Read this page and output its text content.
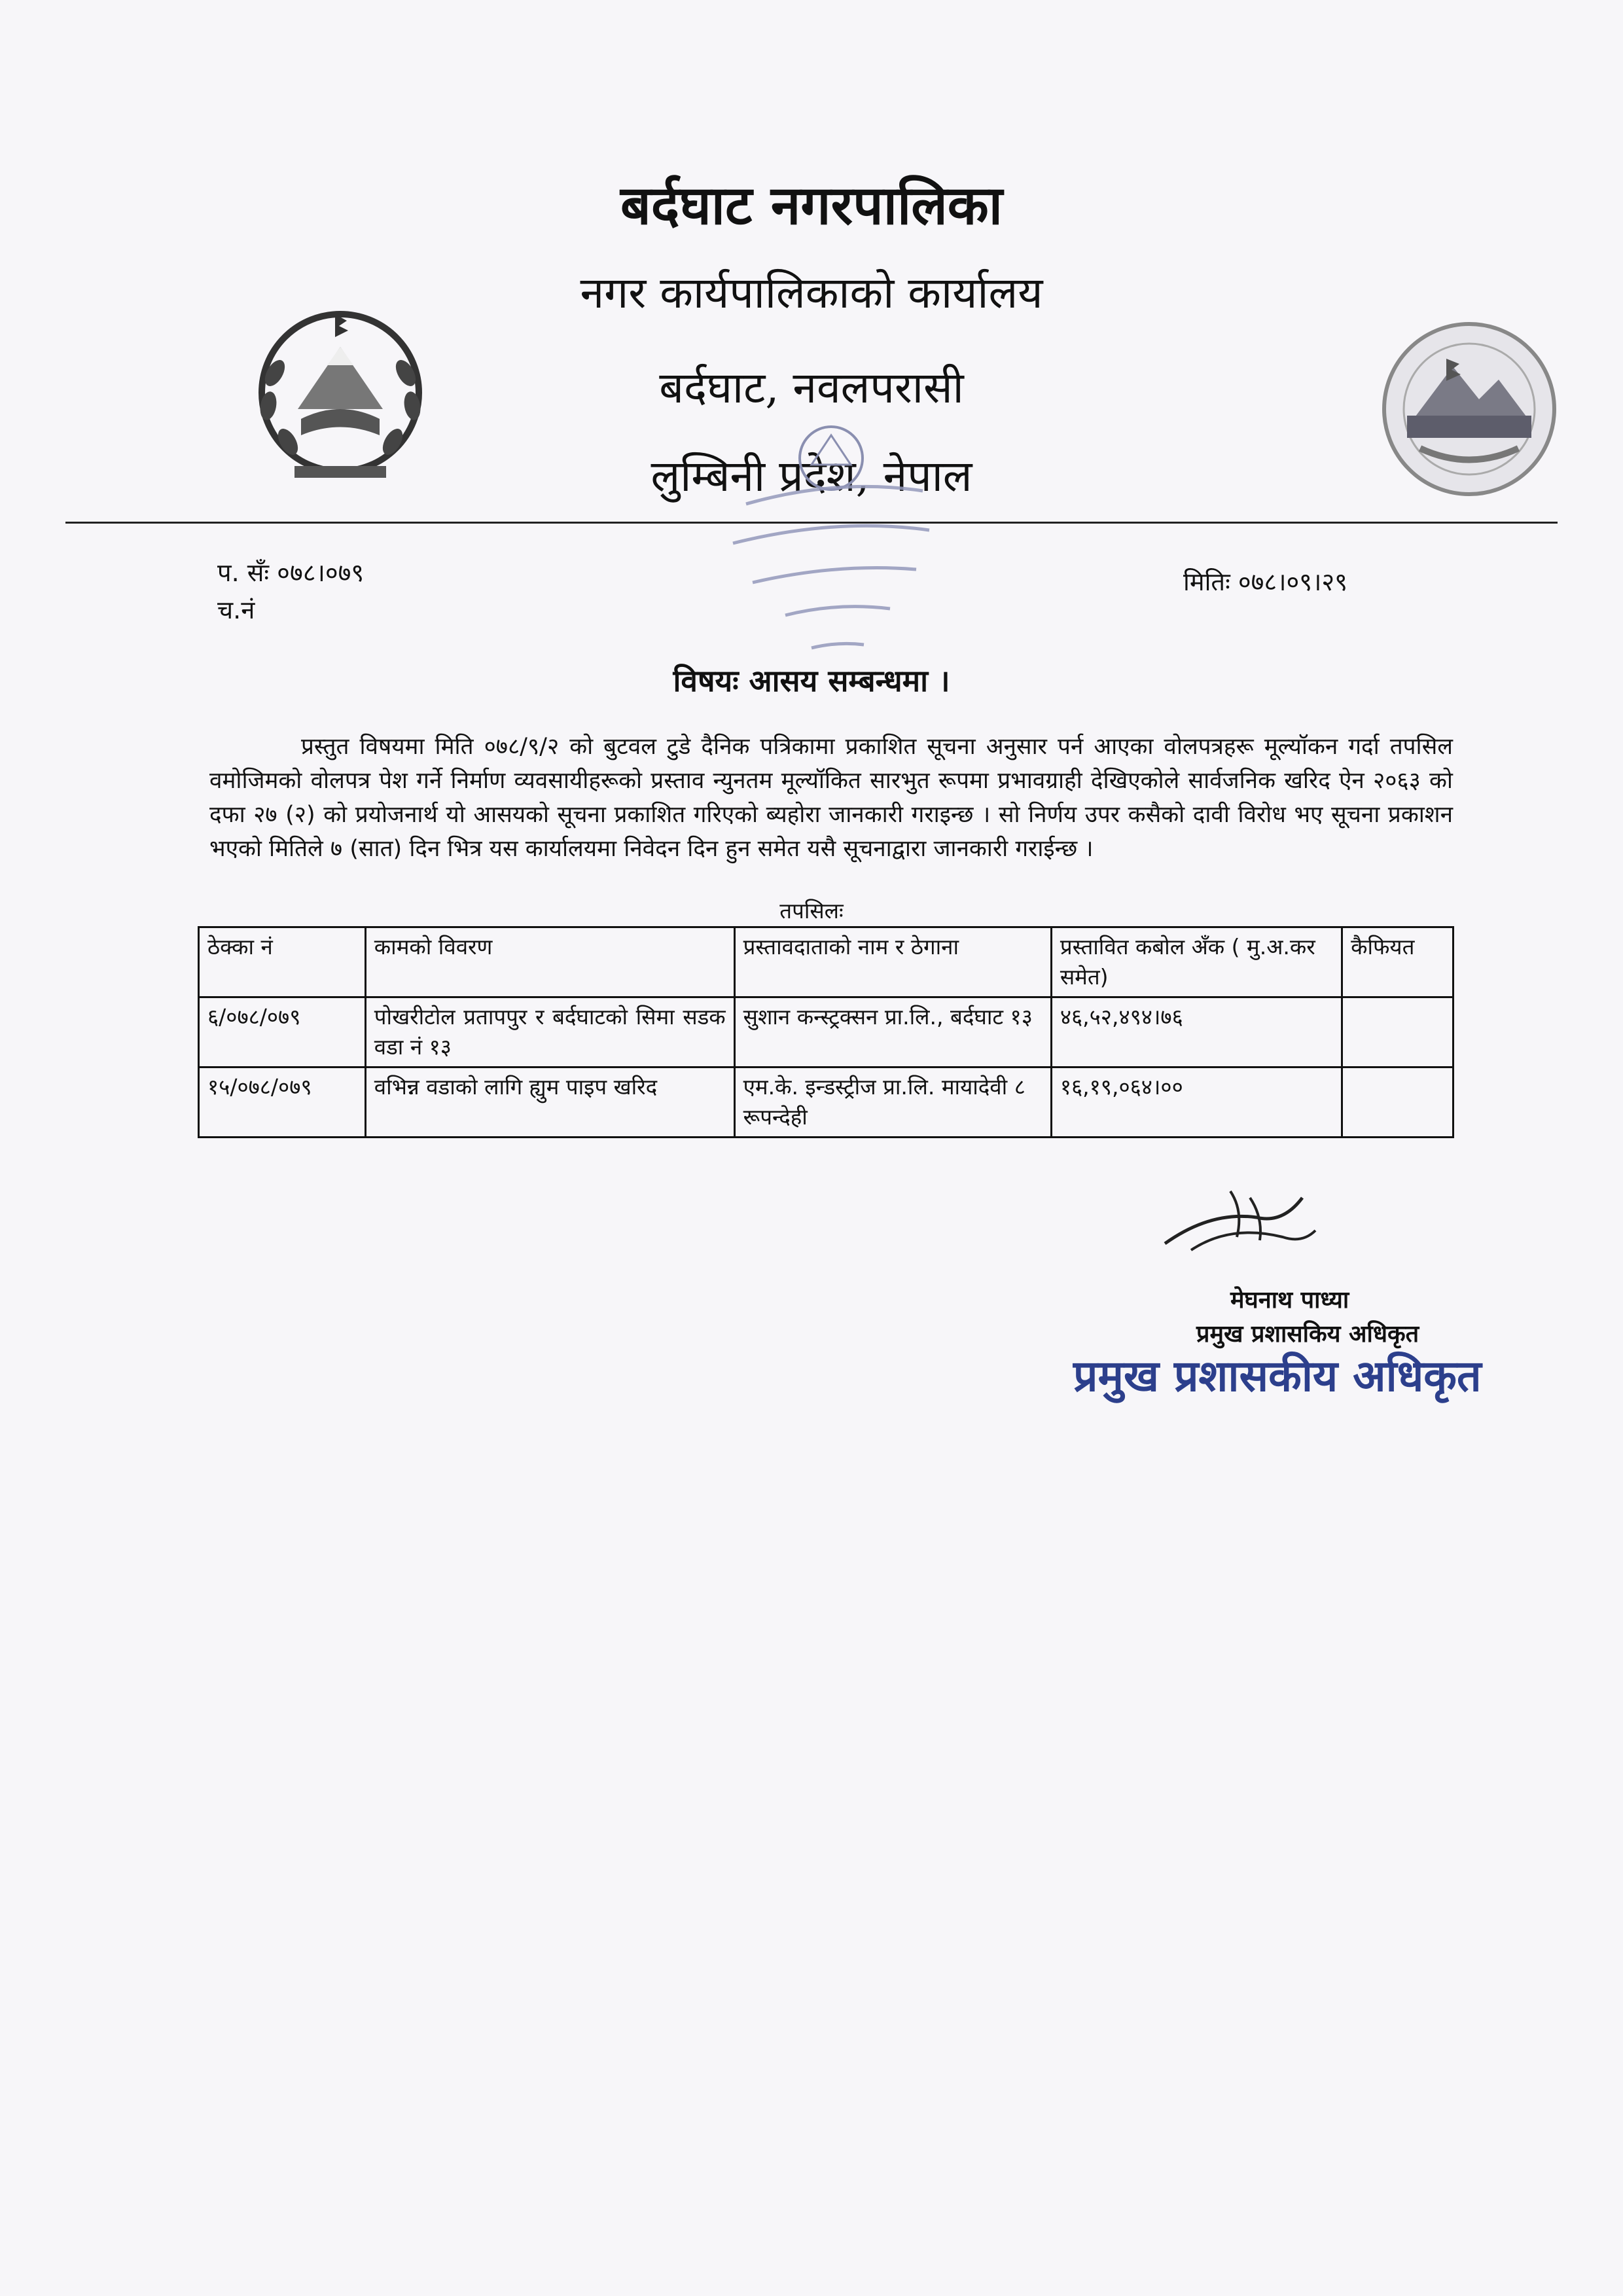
बर्दघाट नगरपालिका
नगर कार्यपालिकाको कार्यालय
बर्दघाट, नवलपरासी
लुम्बिनी प्रदेश, नेपाल
प. सँः ०७८।०७९
च.नं
मितिः ०७८।०९।२९
विषयः आसय सम्बन्धमा ।
प्रस्तुत विषयमा मिति ०७८/९/२ को बुटवल टुडे दैनिक पत्रिकामा प्रकाशित सूचना अनुसार पर्न आएका वोलपत्रहरू मूल्यॉकन गर्दा तपसिल वमोजिमको वोलपत्र पेश गर्ने निर्माण व्यवसायीहरूको प्रस्ताव न्युनतम मूल्यॉकित सारभुत रूपमा प्रभावग्राही देखिएकोले सार्वजनिक खरिद ऐन २०६३ को दफा २७ (२) को प्रयोजनार्थ यो आसयको सूचना प्रकाशित गरिएको ब्यहोरा जानकारी गराइन्छ । सो निर्णय उपर कसैको दावी विरोध भए सूचना प्रकाशन भएको मितिले ७ (सात) दिन भित्र यस कार्यालयमा निवेदन दिन हुन समेत यसै सूचनाद्वारा जानकारी गराईन्छ ।
तपसिलः
ठेक्का नं	कामको विवरण	प्रस्तावदाताको नाम र ठेगाना	प्रस्तावित कबोल अँक ( मु.अ.कर समेत)	कैफियत
६/०७८/०७९	पोखरीटोल प्रतापपुर र बर्दघाटको सिमा सडक वडा नं १३	सुशान कन्स्ट्रक्सन प्रा.लि., बर्दघाट १३	४६,५२,४९४।७६	
१५/०७८/०७९	वभिन्न वडाको लागि ह्युम पाइप खरिद	एम.के. इन्डस्ट्रीज प्रा.लि. मायादेवी ८ रूपन्देही	१६,१९,०६४।००	
मेघनाथ पाध्या
प्रमुख प्रशासकिय अधिकृत
प्रमुख प्रशासकीय अधिकृत
